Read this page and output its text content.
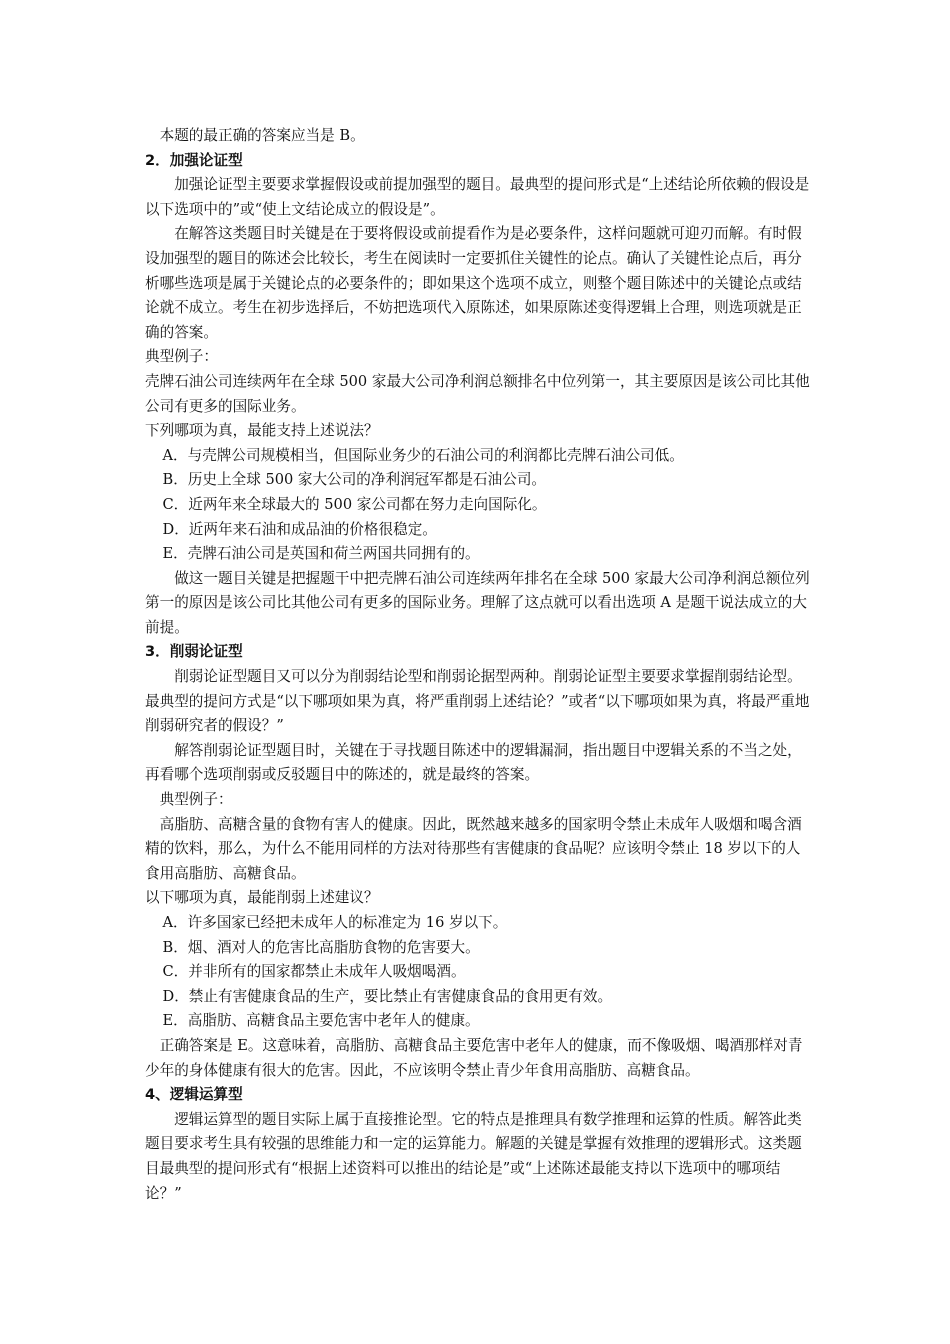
本题的最正确的答案应当是 B。

2．加强论证型

加强论证型主要要求掌握假设或前提加强型的题目。最典型的提问形式是“上述结论所依赖的假设是以下选项中的”或“使上文结论成立的假设是”。

在解答这类题目时关键是在于要将假设或前提看作为是必要条件，这样问题就可迎刃而解。有时假设加强型的题目的陈述会比较长，考生在阅读时一定要抓住关键性的论点。确认了关键性论点后，再分析哪些选项是属于关键论点的必要条件的；即如果这个选项不成立，则整个题目陈述中的关键论点或结论就不成立。考生在初步选择后，不妨把选项代入原陈述，如果原陈述变得逻辑上合理，则选项就是正确的答案。

典型例子：

壳牌石油公司连续两年在全球 500 家最大公司净利润总额排名中位列第一，其主要原因是该公司比其他公司有更多的国际业务。

下列哪项为真，最能支持上述说法？

A．与壳牌公司规模相当，但国际业务少的石油公司的利润都比壳牌石油公司低。

B．历史上全球 500 家大公司的净利润冠军都是石油公司。

C．近两年来全球最大的 500 家公司都在努力走向国际化。

D．近两年来石油和成品油的价格很稳定。

E．壳牌石油公司是英国和荷兰两国共同拥有的。

做这一题目关键是把握题干中把壳牌石油公司连续两年排名在全球 500 家最大公司净利润总额位列第一的原因是该公司比其他公司有更多的国际业务。理解了这点就可以看出选项 A 是题干说法成立的大前提。

3．削弱论证型

削弱论证型题目又可以分为削弱结论型和削弱论据型两种。削弱论证型主要要求掌握削弱结论型。最典型的提问方式是“以下哪项如果为真，将严重削弱上述结论？”或者“以下哪项如果为真，将最严重地削弱研究者的假设？”

解答削弱论证型题目时，关键在于寻找题目陈述中的逻辑漏洞，指出题目中逻辑关系的不当之处，再看哪个选项削弱或反驳题目中的陈述的，就是最终的答案。

典型例子：

高脂肪、高糖含量的食物有害人的健康。因此，既然越来越多的国家明令禁止未成年人吸烟和喝含酒精的饮料，那么，为什么不能用同样的方法对待那些有害健康的食品呢？应该明令禁止 18 岁以下的人食用高脂肪、高糖食品。

以下哪项为真，最能削弱上述建议？

A．许多国家已经把未成年人的标准定为 16 岁以下。

B．烟、酒对人的危害比高脂肪食物的危害要大。

C．并非所有的国家都禁止未成年人吸烟喝酒。

D．禁止有害健康食品的生产，要比禁止有害健康食品的食用更有效。

E．高脂肪、高糖食品主要危害中老年人的健康。

正确答案是 E。这意味着，高脂肪、高糖食品主要危害中老年人的健康，而不像吸烟、喝酒那样对青少年的身体健康有很大的危害。因此，不应该明令禁止青少年食用高脂肪、高糖食品。

4、逻辑运算型

逻辑运算型的题目实际上属于直接推论型。它的特点是推理具有数学推理和运算的性质。解答此类题目要求考生具有较强的思维能力和一定的运算能力。解题的关键是掌握有效推理的逻辑形式。这类题目最典型的提问形式有“根据上述资料可以推出的结论是”或“上述陈述最能支持以下选项中的哪项结论？”
